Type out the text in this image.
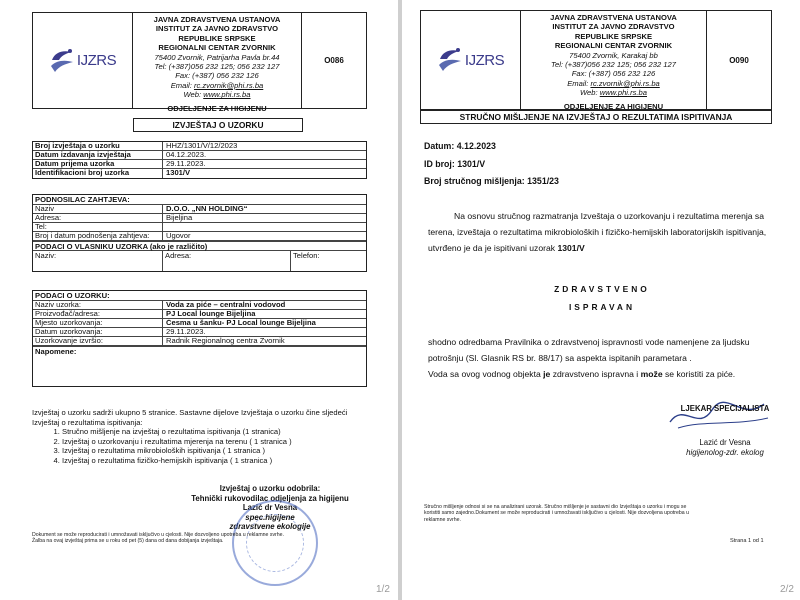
IJZRS
JAVNA ZDRAVSTVENA USTANOVA
INSTITUT ZA JAVNO ZDRAVSTVO
REPUBLIKE SRPSKE
REGIONALNI CENTAR ZVORNIK
75400 Zvornik, Patrijarha Pavla br.44
Tel: (+387)056 232 125; 056 232 127
Fax: (+387) 056 232 126
Email: rc.zvornik@phi.rs.ba
Web: www.phi.rs.ba
ODJELJENJE ZA HIGIJENU
O086
IZVJEŠTAJ O UZORKU
Broj izvještaja o uzorku	HHZ/1301/V/12/2023
Datum izdavanja izvještaja	04.12.2023.
Datum prijema uzorka	29.11.2023.
Identifikacioni broj uzorka	1301/V
PODNOSILAC ZAHTJEVA:
Naziv	D.O.O. „NN HOLDING“
Adresa:	Bijeljina
Tel:
Broj i datum podnošenja zahtjeva:	Ugovor
PODACI O VLASNIKU UZORKA (ako je različito)
Naziv:	Adresa:	Telefon:
PODACI O UZORKU:
Naziv uzorka:	Voda za piće – centralni vodovod
Proizvođač/adresa:	PJ Local lounge Bijeljina
Mjesto uzorkovanja:	Česma u šanku- PJ Local lounge Bijeljina
Datum uzorkovanja:	29.11.2023.
Uzorkovanje izvršio:	Radnik Regionalnog centra Zvornik
Napomene:
Izvještaj o uzorku sadrži ukupno 5 stranice. Sastavne dijelove Izvještaja o uzorku čine sljedeći
Izvještaj o rezultatima ispitivanja:
1. Stručno mišljenje na izvještaj o rezultatima ispitivanja (1 stranica)
2. Izvještaj o uzorkovanju i rezultatima mjerenja na terenu ( 1 stranica )
3. Izvještaj o rezultatima mikrobioloških ispitivanja ( 1 stranica )
4. Izvještaj o rezultatima fizičko-hemijskih ispitivanja ( 1 stranica )
Izvještaj o uzorku odobrila:
Tehnički rukovodilac odjeljenja za higijenu
Lazić dr Vesna
spec.higijene
zdravstvene ekologije
Dokument se može reproducirati i umnožavati isključivo u cjelosti. Nije dozvoljeno upotreba u reklamne svrhe.
Žalba na ovaj izvještaj prima se u roku od pet (5) dana od dana dobijanja izvještaja.
1/2
IJZRS
JAVNA ZDRAVSTVENA USTANOVA
INSTITUT ZA JAVNO ZDRAVSTVO
REPUBLIKE SRPSKE
REGIONALNI CENTAR ZVORNIK
75400 Zvornik, Karakaj bb
Tel: (+387)056 232 125; 056 232 127
Fax: (+387) 056 232 126
Email: rc.zvornik@phi.rs.ba
Web: www.phi.rs.ba
ODJELJENJE ZA HIGIJENU
O090
STRUČNO MIŠLJENJE NA IZVJEŠTAJ O REZULTATIMA ISPITIVANJA
Datum: 4.12.2023
ID broj: 1301/V
Broj stručnog mišljenja: 1351/23
Na osnovu stručnog razmatranja Izveštaja o uzorkovanju i rezultatima merenja sa
terena, izveštaja o rezultatima mikrobioloških i fizičko-hemijskih laboratorijskih ispitivanja,
utvrđeno je da je ispitivani uzorak 1301/V
ZDRAVSTVENO
ISPRAVAN
shodno odredbama Pravilnika o zdravstvenoj ispravnosti vode namenjene za ljudsku
potrošnju (Sl. Glasnik RS br. 88/17) sa aspekta ispitanih parametara .
Voda sa ovog vodnog objekta je zdravstveno ispravna i može se koristiti za piće.
LJEKAR SPECIJALISTA
Lazić dr Vesna
higijenolog-zdr. ekolog
Stručno mišljenje odnosi si se na analizirani uzorak. Stručno mišljenje je sastavni dio Izvještaja o uzorku i mogu se
koristiti samo zajedno.Dokument se može reproducirati i umnožavati isključivo u cjelosti. Nije dozvoljena upotreba u
reklamne svrhe.
Strana 1 od 1
2/2
